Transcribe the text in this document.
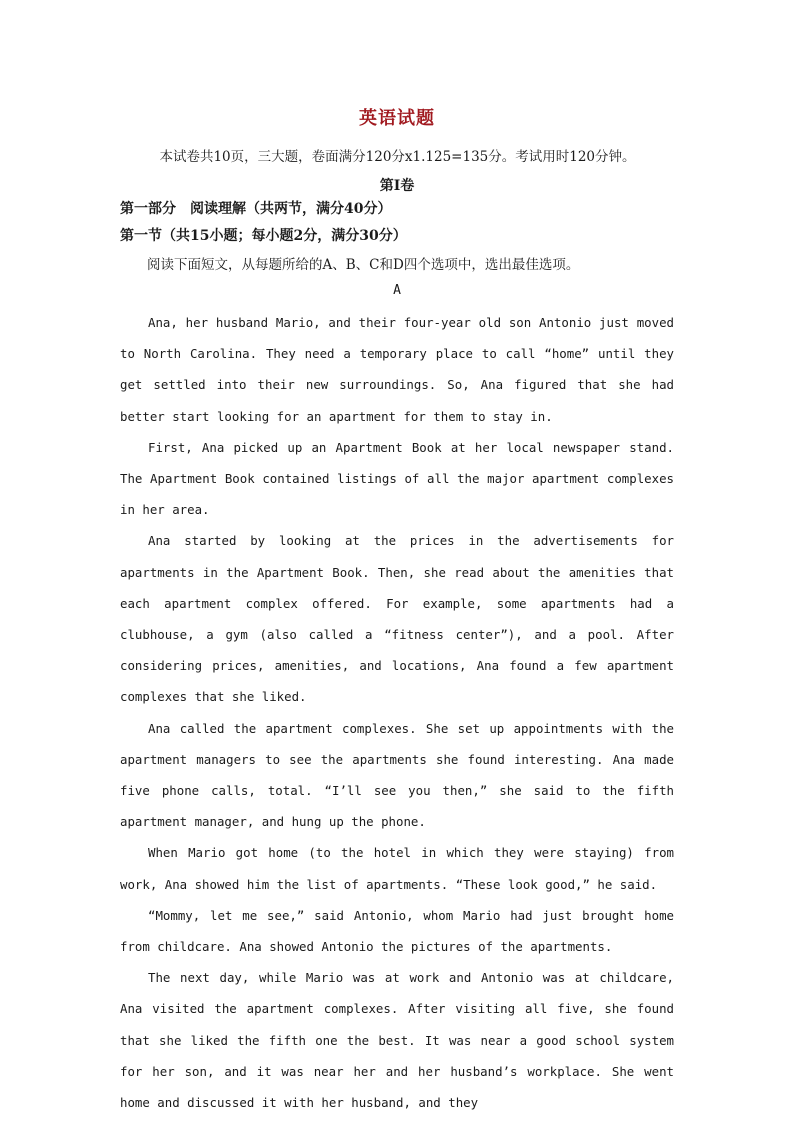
英语试题
本试卷共10页，三大题，卷面满分120分x1.125=135分。考试用时120分钟。
第I卷
第一部分　阅读理解（共两节，满分40分）
第一节（共15小题；每小题2分，满分30分）
阅读下面短文，从每题所给的A、B、C和D四个选项中，选出最佳选项。
A

Ana, her husband Mario, and their four-year old son Antonio just moved to North Carolina. They need a temporary place to call “home” until they get settled into their new surroundings. So, Ana figured that she had better start looking for an apartment for them to stay in.

First, Ana picked up an Apartment Book at her local newspaper stand. The Apartment Book contained listings of all the major apartment complexes in her area.

Ana started by looking at the prices in the advertisements for apartments in the Apartment Book. Then, she read about the amenities that each apartment complex offered. For example, some apartments had a clubhouse, a gym (also called a “fitness center”), and a pool. After considering prices, amenities, and locations, Ana found a few apartment complexes that she liked.

Ana called the apartment complexes. She set up appointments with the apartment managers to see the apartments she found interesting. Ana made five phone calls, total. “I’ll see you then,” she said to the fifth apartment manager, and hung up the phone.

When Mario got home (to the hotel in which they were staying) from work, Ana showed him the list of apartments. “These look good,” he said.

“Mommy, let me see,” said Antonio, whom Mario had just brought home from childcare. Ana showed Antonio the pictures of the apartments.

The next day, while Mario was at work and Antonio was at childcare, Ana visited the apartment complexes. After visiting all five, she found that she liked the fifth one the best. It was near a good school system for her son, and it was near her and her husband’s workplace. She went home and discussed it with her husband, and they
